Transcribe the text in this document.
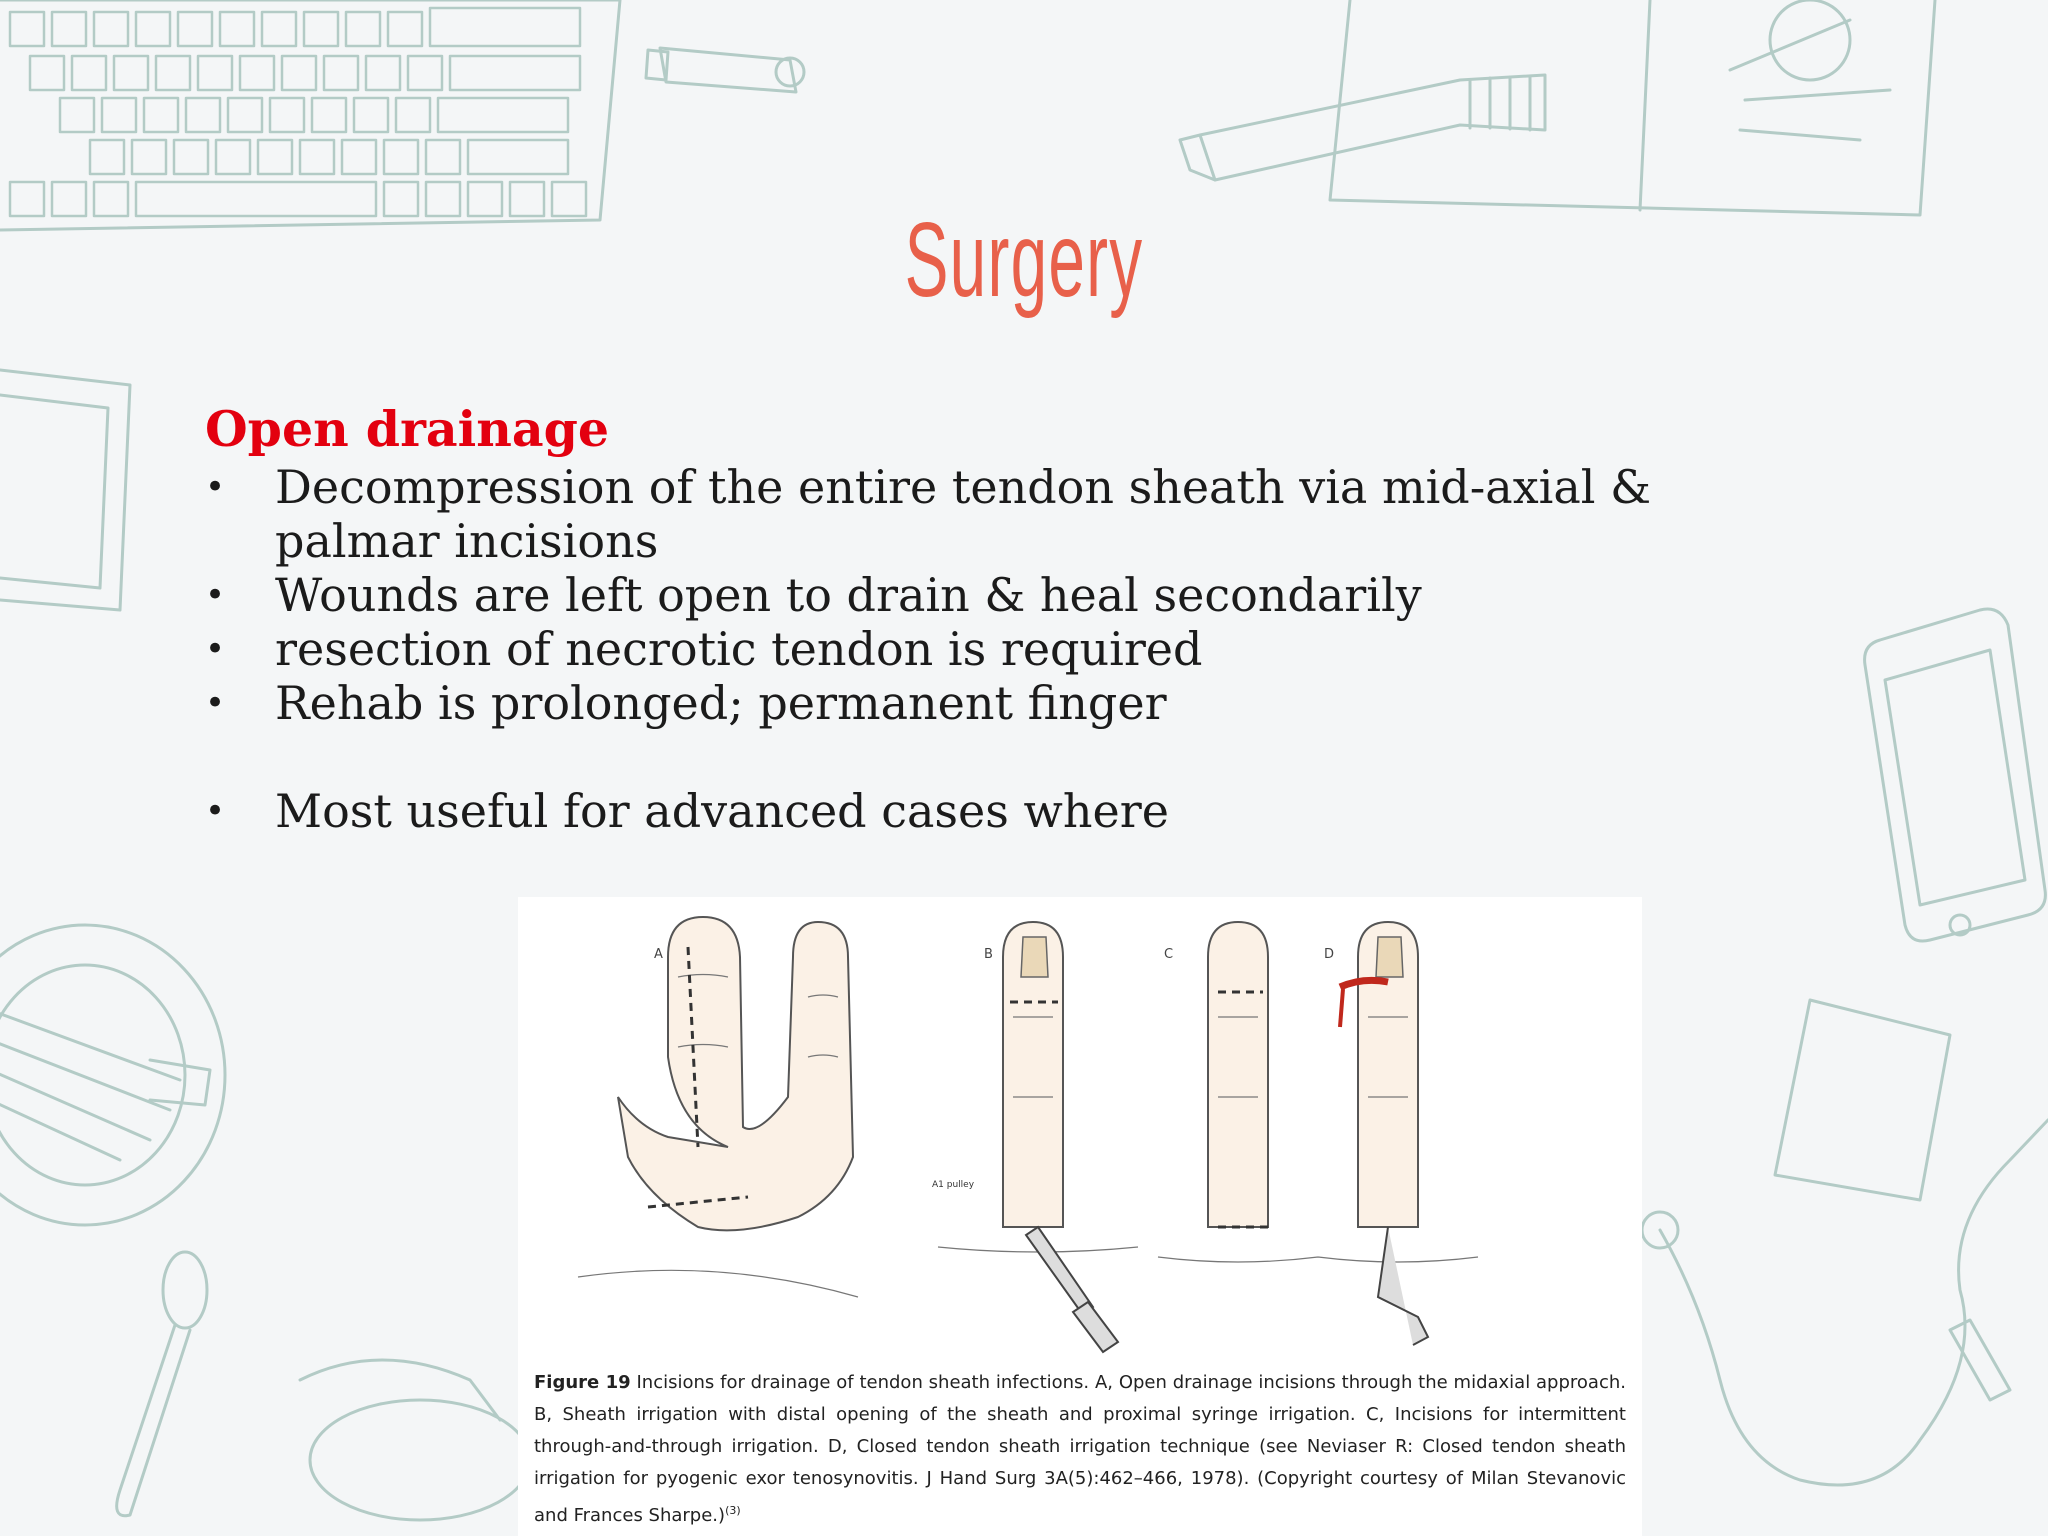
Surgery
Open drainage
• Decompression of the entire tendon sheath via mid-axial & palmar incisions
• Wounds are left open to drain & heal secondarily
• resection of necrotic tendon is required
• Rehab is prolonged; permanent finger
• Most useful for advanced cases where
A	B	C	D
A1 pulley
Figure 19 Incisions for drainage of tendon sheath infections. A, Open drainage incisions through the midaxial approach. B, Sheath irrigation with distal opening of the sheath and proximal syringe irrigation. C, Incisions for intermittent through-and-through irrigation. D, Closed tendon sheath irrigation technique (see Neviaser R: Closed tendon sheath irrigation for pyogenic exor tenosynovitis. J Hand Surg 3A(5):462–466, 1978). (Copyright courtesy of Milan Stevanovic and Frances Sharpe.)$^{(3)}$
